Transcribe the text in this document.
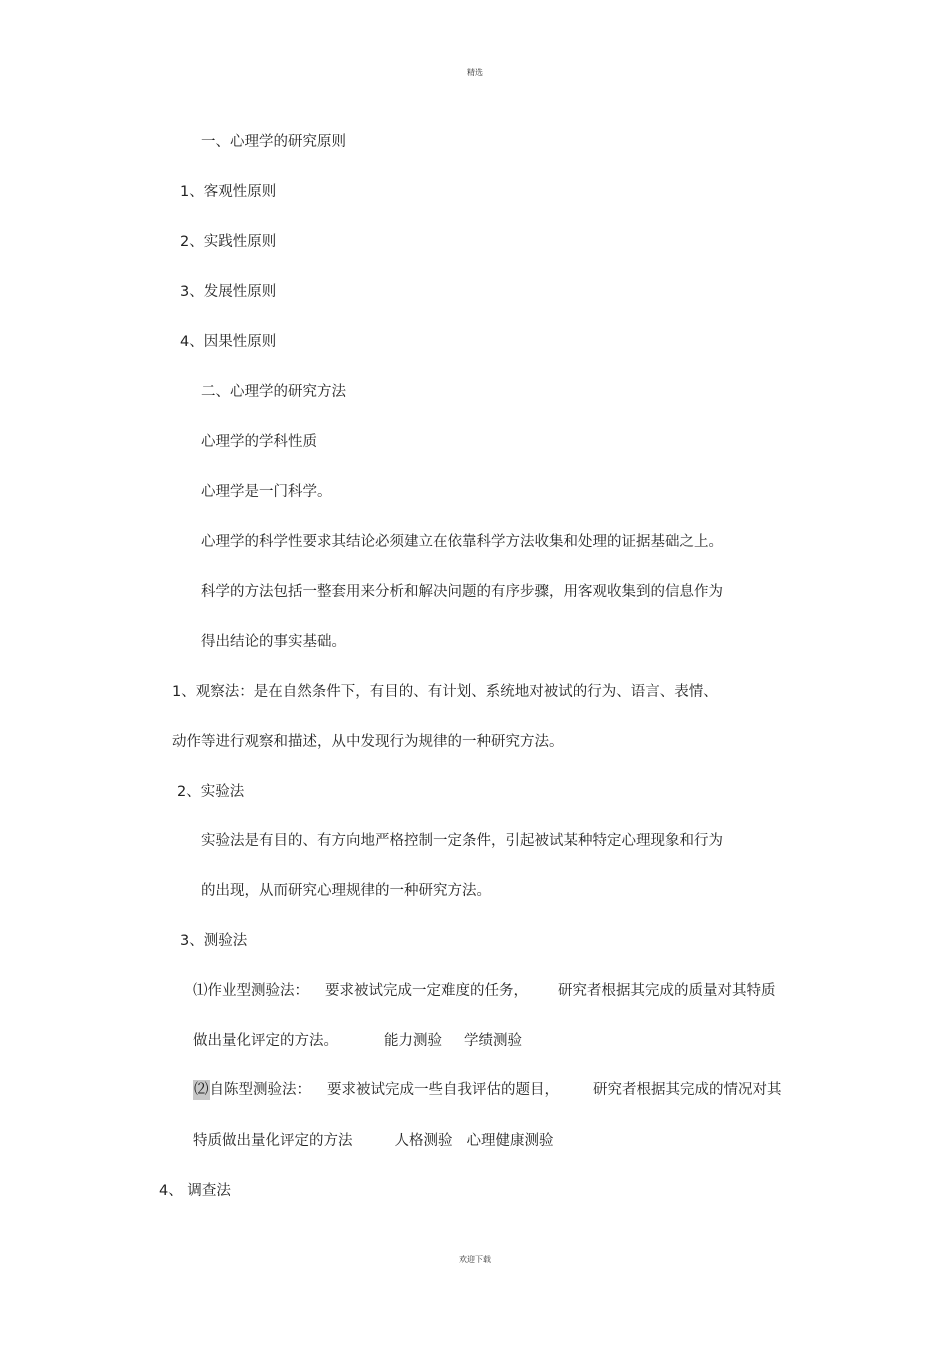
精选
一、心理学的研究原则
1、客观性原则
2、实践性原则
3、发展性原则
4、因果性原则
二、心理学的研究方法
心理学的学科性质
心理学是一门科学。
心理学的科学性要求其结论必须建立在依靠科学方法收集和处理的证据基础之上。
科学的方法包括一整套用来分析和解决问题的有序步骤，用客观收集到的信息作为
得出结论的事实基础。
1、观察法：是在自然条件下，有目的、有计划、系统地对被试的行为、语言、表情、
动作等进行观察和描述，从中发现行为规律的一种研究方法。
2、实验法
实验法是有目的、有方向地严格控制一定条件，引起被试某种特定心理现象和行为
的出现，从而研究心理规律的一种研究方法。
3、测验法
⑴作业型测验法： 要求被试完成一定难度的任务， 研究者根据其完成的质量对其特质
做出量化评定的方法。	能力测验 学绩测验
⑵自陈型测验法： 要求被试完成一些自我评估的题目， 研究者根据其完成的情况对其
特质做出量化评定的方法	人格测验 心理健康测验
4、 调查法
欢迎下载
